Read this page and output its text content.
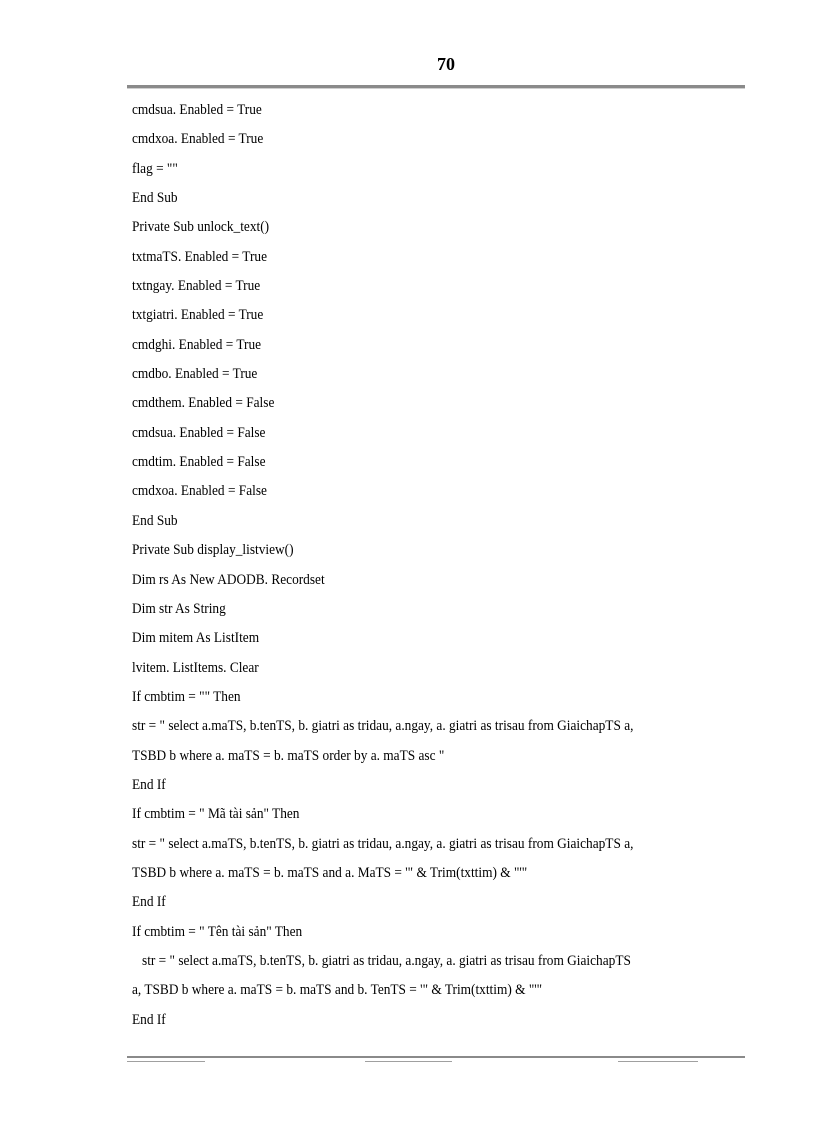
70
cmdsua. Enabled = True
cmdxoa. Enabled = True
flag = ""
End Sub
Private Sub unlock_text()
txtmaTS. Enabled = True
txtngay. Enabled = True
txtgiatri. Enabled = True
cmdghi. Enabled = True
cmdbo. Enabled = True
cmdthem. Enabled = False
cmdsua. Enabled = False
cmdtim. Enabled = False
cmdxoa. Enabled = False
End Sub
Private Sub display_listview()
Dim rs As New ADODB. Recordset
Dim str As String
Dim mitem As ListItem
lvitem. ListItems. Clear
If cmbtim = "" Then
str = " select a.maTS, b.tenTS, b. giatri as tridau, a.ngay, a. giatri as trisau from GiaichapTS a,
TSBD b where a. maTS = b. maTS order by a. maTS asc "
End If
If cmbtim = " Mã tài sản" Then
str = " select a.maTS, b.tenTS, b. giatri as tridau, a.ngay, a. giatri as trisau from GiaichapTS a,
TSBD b where a. maTS = b. maTS and a. MaTS = '" & Trim(txttim) & "'"
End If
If cmbtim = " Tên tài sản" Then
str = " select a.maTS, b.tenTS, b. giatri as tridau, a.ngay, a. giatri as trisau from GiaichapTS
a, TSBD b where a. maTS = b. maTS and b. TenTS = '" & Trim(txttim) & "'"
End If
